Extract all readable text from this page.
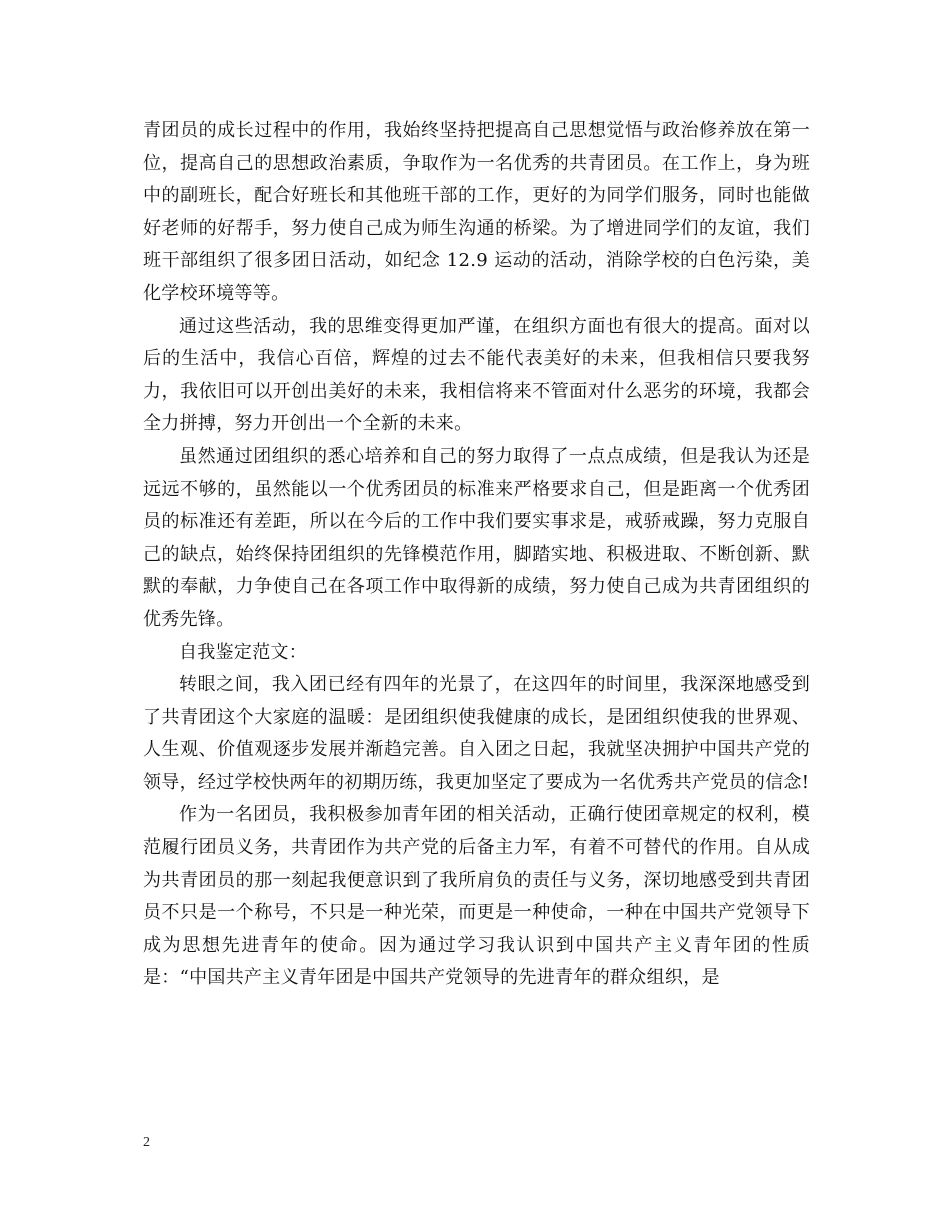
青团员的成长过程中的作用，我始终坚持把提高自己思想觉悟与政治修养放在第一位，提高自己的思想政治素质，争取作为一名优秀的共青团员。在工作上，身为班中的副班长，配合好班长和其他班干部的工作，更好的为同学们服务，同时也能做好老师的好帮手，努力使自己成为师生沟通的桥梁。为了增进同学们的友谊，我们班干部组织了很多团日活动，如纪念 12.9 运动的活动，消除学校的白色污染，美化学校环境等等。

通过这些活动，我的思维变得更加严谨，在组织方面也有很大的提高。面对以后的生活中，我信心百倍，辉煌的过去不能代表美好的未来，但我相信只要我努力，我依旧可以开创出美好的未来，我相信将来不管面对什么恶劣的环境，我都会全力拼搏，努力开创出一个全新的未来。

虽然通过团组织的悉心培养和自己的努力取得了一点点成绩，但是我认为还是远远不够的，虽然能以一个优秀团员的标准来严格要求自己，但是距离一个优秀团员的标准还有差距，所以在今后的工作中我们要实事求是，戒骄戒躁，努力克服自己的缺点，始终保持团组织的先锋模范作用，脚踏实地、积极进取、不断创新、默默的奉献，力争使自己在各项工作中取得新的成绩，努力使自己成为共青团组织的优秀先锋。

自我鉴定范文：

转眼之间，我入团已经有四年的光景了，在这四年的时间里，我深深地感受到了共青团这个大家庭的温暖：是团组织使我健康的成长，是团组织使我的世界观、人生观、价值观逐步发展并渐趋完善。自入团之日起，我就坚决拥护中国共产党的领导，经过学校快两年的初期历练，我更加坚定了要成为一名优秀共产党员的信念!

作为一名团员，我积极参加青年团的相关活动，正确行使团章规定的权利，模范履行团员义务，共青团作为共产党的后备主力军，有着不可替代的作用。自从成为共青团员的那一刻起我便意识到了我所肩负的责任与义务，深切地感受到共青团员不只是一个称号，不只是一种光荣，而更是一种使命，一种在中国共产党领导下成为思想先进青年的使命。因为通过学习我认识到中国共产主义青年团的性质是：“中国共产主义青年团是中国共产党领导的先进青年的群众组织，是

2
